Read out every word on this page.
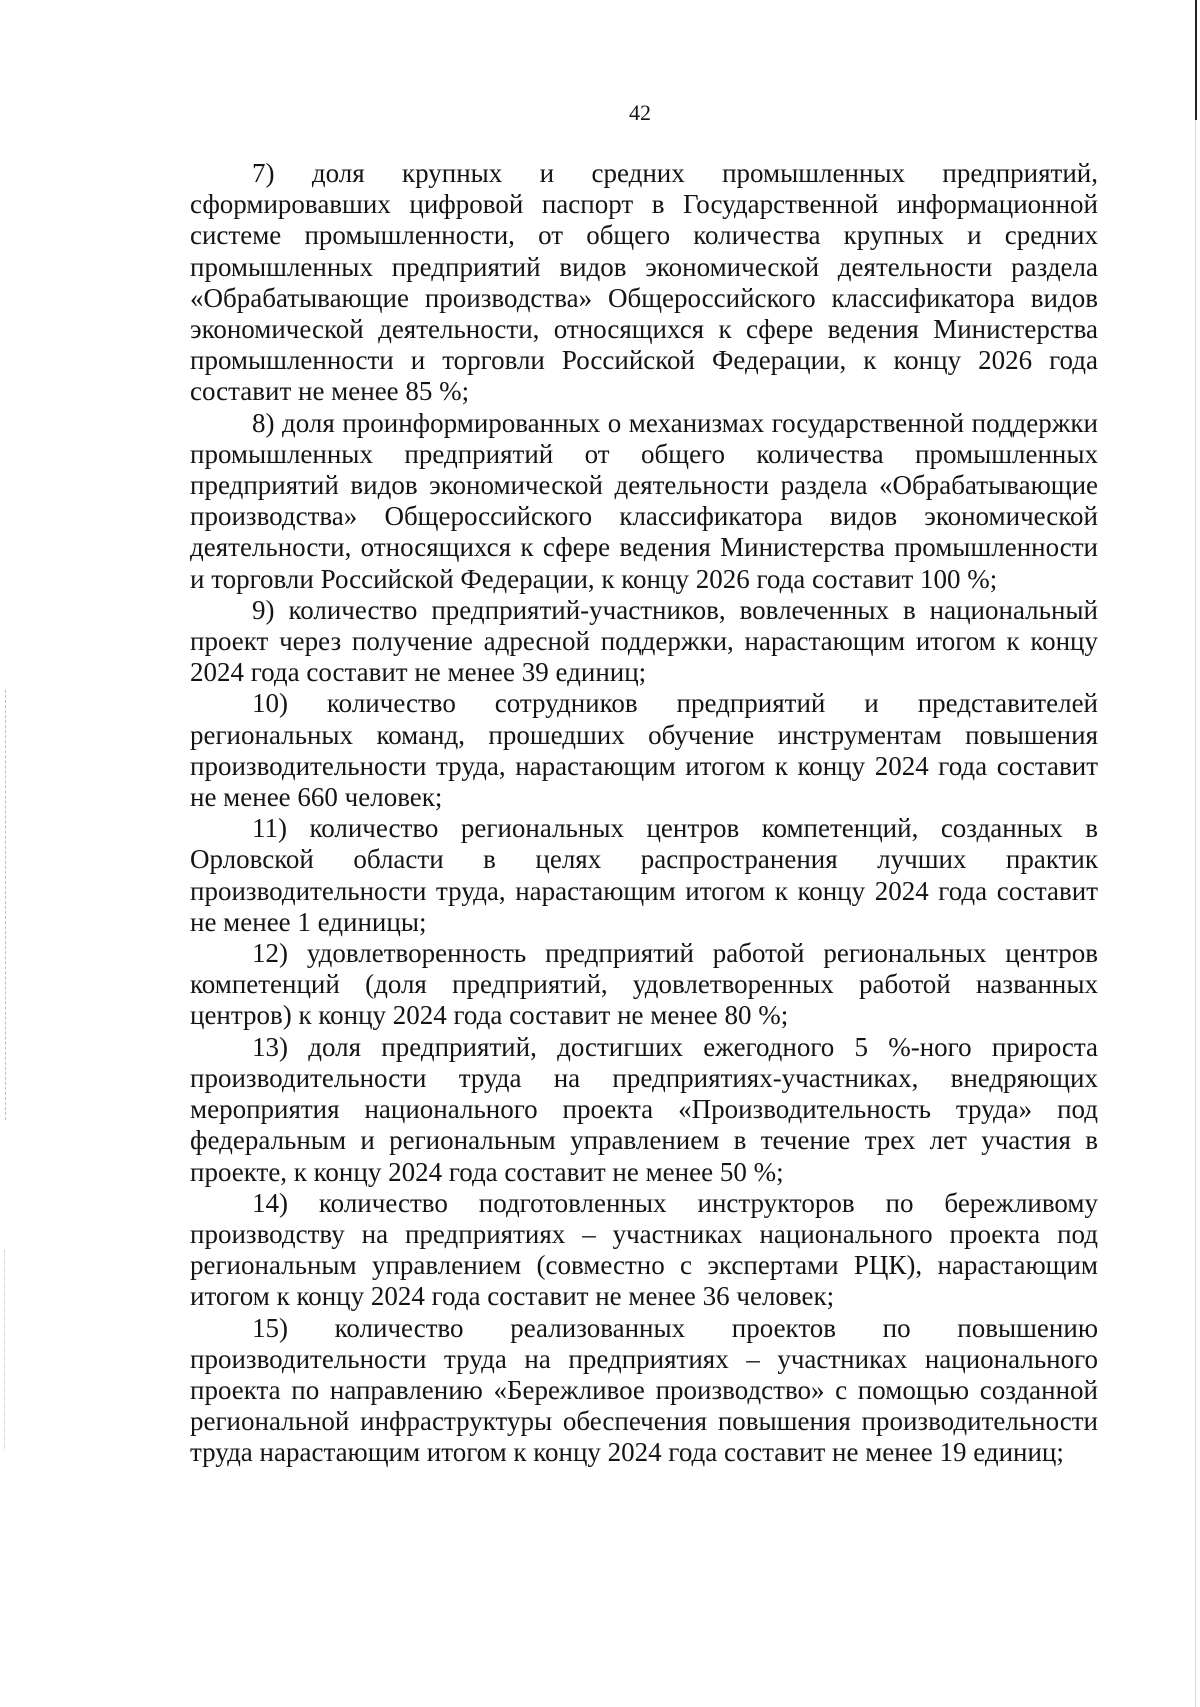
42

7) доля крупных и средних промышленных предприятий, сформировавших цифровой паспорт в Государственной информационной системе промышленности, от общего количества крупных и средних промышленных предприятий видов экономической деятельности раздела «Обрабатывающие производства» Общероссийского классификатора видов экономической деятельности, относящихся к сфере ведения Министерства промышленности и торговли Российской Федерации, к концу 2026 года составит не менее 85 %;

8) доля проинформированных о механизмах государственной поддержки промышленных предприятий от общего количества промышленных предприятий видов экономической деятельности раздела «Обрабатывающие производства» Общероссийского классификатора видов экономической деятельности, относящихся к сфере ведения Министерства промышленности и торговли Российской Федерации, к концу 2026 года составит 100 %;

9) количество предприятий-участников, вовлеченных в национальный проект через получение адресной поддержки, нарастающим итогом к концу 2024 года составит не менее 39 единиц;

10) количество сотрудников предприятий и представителей региональных команд, прошедших обучение инструментам повышения производительности труда, нарастающим итогом к концу 2024 года составит не менее 660 человек;

11) количество региональных центров компетенций, созданных в Орловской области в целях распространения лучших практик производительности труда, нарастающим итогом к концу 2024 года составит не менее 1 единицы;

12) удовлетворенность предприятий работой региональных центров компетенций (доля предприятий, удовлетворенных работой названных центров) к концу 2024 года составит не менее 80 %;

13) доля предприятий, достигших ежегодного 5 %-ного прироста производительности труда на предприятиях-участниках, внедряющих мероприятия национального проекта «Производительность труда» под федеральным и региональным управлением в течение трех лет участия в проекте, к концу 2024 года составит не менее 50 %;

14) количество подготовленных инструкторов по бережливому производству на предприятиях – участниках национального проекта под региональным управлением (совместно с экспертами РЦК), нарастающим итогом к концу 2024 года составит не менее 36 человек;

15) количество реализованных проектов по повышению производительности труда на предприятиях – участниках национального проекта по направлению «Бережливое производство» с помощью созданной региональной инфраструктуры обеспечения повышения производительности труда нарастающим итогом к концу 2024 года составит не менее 19 единиц;
